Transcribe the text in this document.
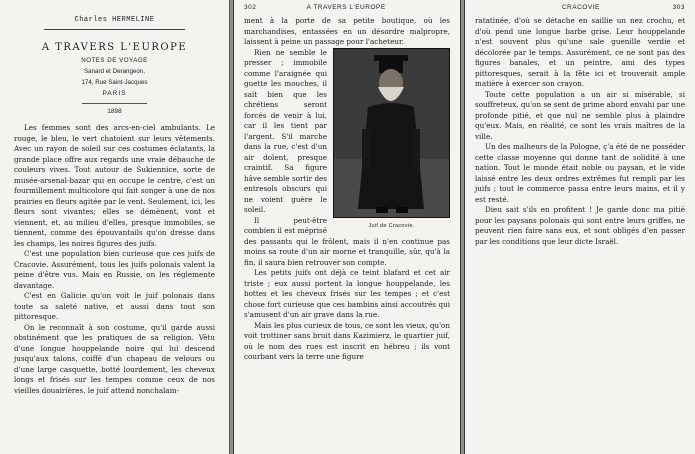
Charles HERMELINE
A TRAVERS L'EUROPE
NOTES DE VOYAGE
Sanard et Derangeon,
174, Rue Saint-Jacques
PARIS
1898

Les femmes sont des arcs-en-ciel ambulants. Le rouge, le bleu, le vert chatoient sur leurs vêtements. Avec un rayon de soleil sur ces costumes éclatants, la grande place offre aux regards une vraie débauche de couleurs vives. Tout autour de Sukiennice, sorte de musée-arsenal-bazar qui en occupe le centre, c'est un fourmillement multicolore qui fait songer à une de nos prairies en fleurs agitée par le vent. Seulement, ici, les fleurs sont vivantes; elles se démènent, vont et viennent, et, au milieu d'elles, presque immobiles, se tiennent, comme des épouvantails qu'on dresse dans les champs, les noires figures des juifs.

C'est une population bien curieuse que ces juifs de Cracovie. Assurément, tous les juifs polonais valent la peine d'être vus. Mais en Russie, on les réglemente davantage.

C'est en Galicie qu'on voit le juif polonais dans toute sa saleté native, et aussi dans tout son pittoresque.

On le reconnaît à son costume, qu'il garde aussi obstinément que les pratiques de sa religion. Vêtu d'une longue houppelande noire qui lui descend jusqu'aux talons, coiffé d'un chapeau de velours ou d'une large casquette, botté lourdement, les cheveux longs et frisés sur les tempes comme ceux de nos vieilles douairières, le juif attend nonchalam-

302	A TRAVERS L'EUROPE

ment à la porte de sa petite boutique, où les marchandises, entassées en un désordre malpropre, laissent à peine un passage pour l'acheteur.

Juif de Cracovie.

Rien ne semble le presser ; immobile comme l'araignée qui guette les mouches, il sait bien que les chrétiens seront forcés de venir à lui, car il les tient par l'argent. S'il marche dans la rue, c'est d'un air dolent, presque craintif. Sa figure hâve semble sortir des entresols obscurs qui ne voient guère le soleil.

Il peut-être combien il est méprisé des passants qui le frôlent, mais il n'en continue pas moins sa route d'un air morne et tranquille, sûr, qu'à la fin, il saura bien retrouver son compte.

Les petits juifs ont déjà ce teint blafard et cet air triste ; eux aussi portent la longue houppelande, les bottes et les cheveux frisés sur les tempes ; et c'est chose fort curieuse que ces bambins ainsi accoutrés qui s'amusent d'un air grave dans la rue.

Mais les plus curieux de tous, ce sont les vieux, qu'on voit trottiner sans bruit dans Kazimierz, le quartier juif, où le nom des rues est inscrit en hébreu ; ils vont courbant vers la terre une figure

CRACOVIE	303

ratatinée, d'où se détache en saillie un nez crochu, et d'où pend une longue barbe grise. Leur houppelande n'est souvent plus qu'une sale guenille verdie et décolorée par le temps. Assurément, ce ne sont pas des figures banales, et un peintre, ami des types pittoresques, serait à la fête ici et trouverait ample matière à exercer son crayon.

Toute cette population a un air si misérable, si souffreteux, qu'on se sent de prime abord envahi par une profonde pitié, et que nul ne semble plus à plaindre qu'eux. Mais, en réalité, ce sont les vrais maîtres de la ville.

Un des malheurs de la Pologne, ç'a été de ne posséder cette classe moyenne qui donne tant de solidité à une nation. Tout le monde était noble ou paysan, et le vide laissé entre les deux ordres extrêmes fut rempli par les juifs ; tout le commerce passa entre leurs mains, et il y est resté.

Dieu sait s'ils en profitent ! Je garde donc ma pitié pour les paysans polonais qui sont entre leurs griffes, ne peuvent rien faire sans eux, et sont obligés d'en passer par les conditions que leur dicte Israël.
